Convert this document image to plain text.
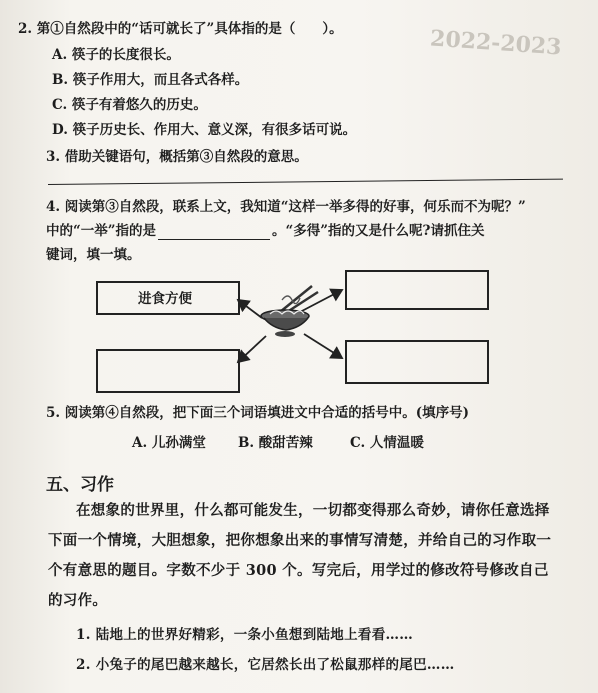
2022-2023
2. 第①自然段中的“话可就长了”具体指的是（　　）。
A. 筷子的长度很长。
B. 筷子作用大，而且各式各样。
C. 筷子有着悠久的历史。
D. 筷子历史长、作用大、意义深，有很多话可说。
3. 借助关键语句，概括第③自然段的意思。
4. 阅读第③自然段，联系上文，我知道“这样一举多得的好事，何乐而不为呢？”
中的“一举”指的是	。“多得”指的又是什么呢?请抓住关
键词，填一填。
进食方便
5. 阅读第④自然段，把下面三个词语填进文中合适的括号中。(填序号)
A. 儿孙满堂 B. 酸甜苦辣	C. 人情温暖
五、习作
在想象的世界里，什么都可能发生，一切都变得那么奇妙，请你任意选择
下面一个情境，大胆想象，把你想象出来的事情写清楚，并给自己的习作取一
个有意思的题目。字数不少于 300 个。写完后，用学过的修改符号修改自己
的习作。
1. 陆地上的世界好精彩，一条小鱼想到陆地上看看……
2. 小兔子的尾巴越来越长，它居然长出了松鼠那样的尾巴……
